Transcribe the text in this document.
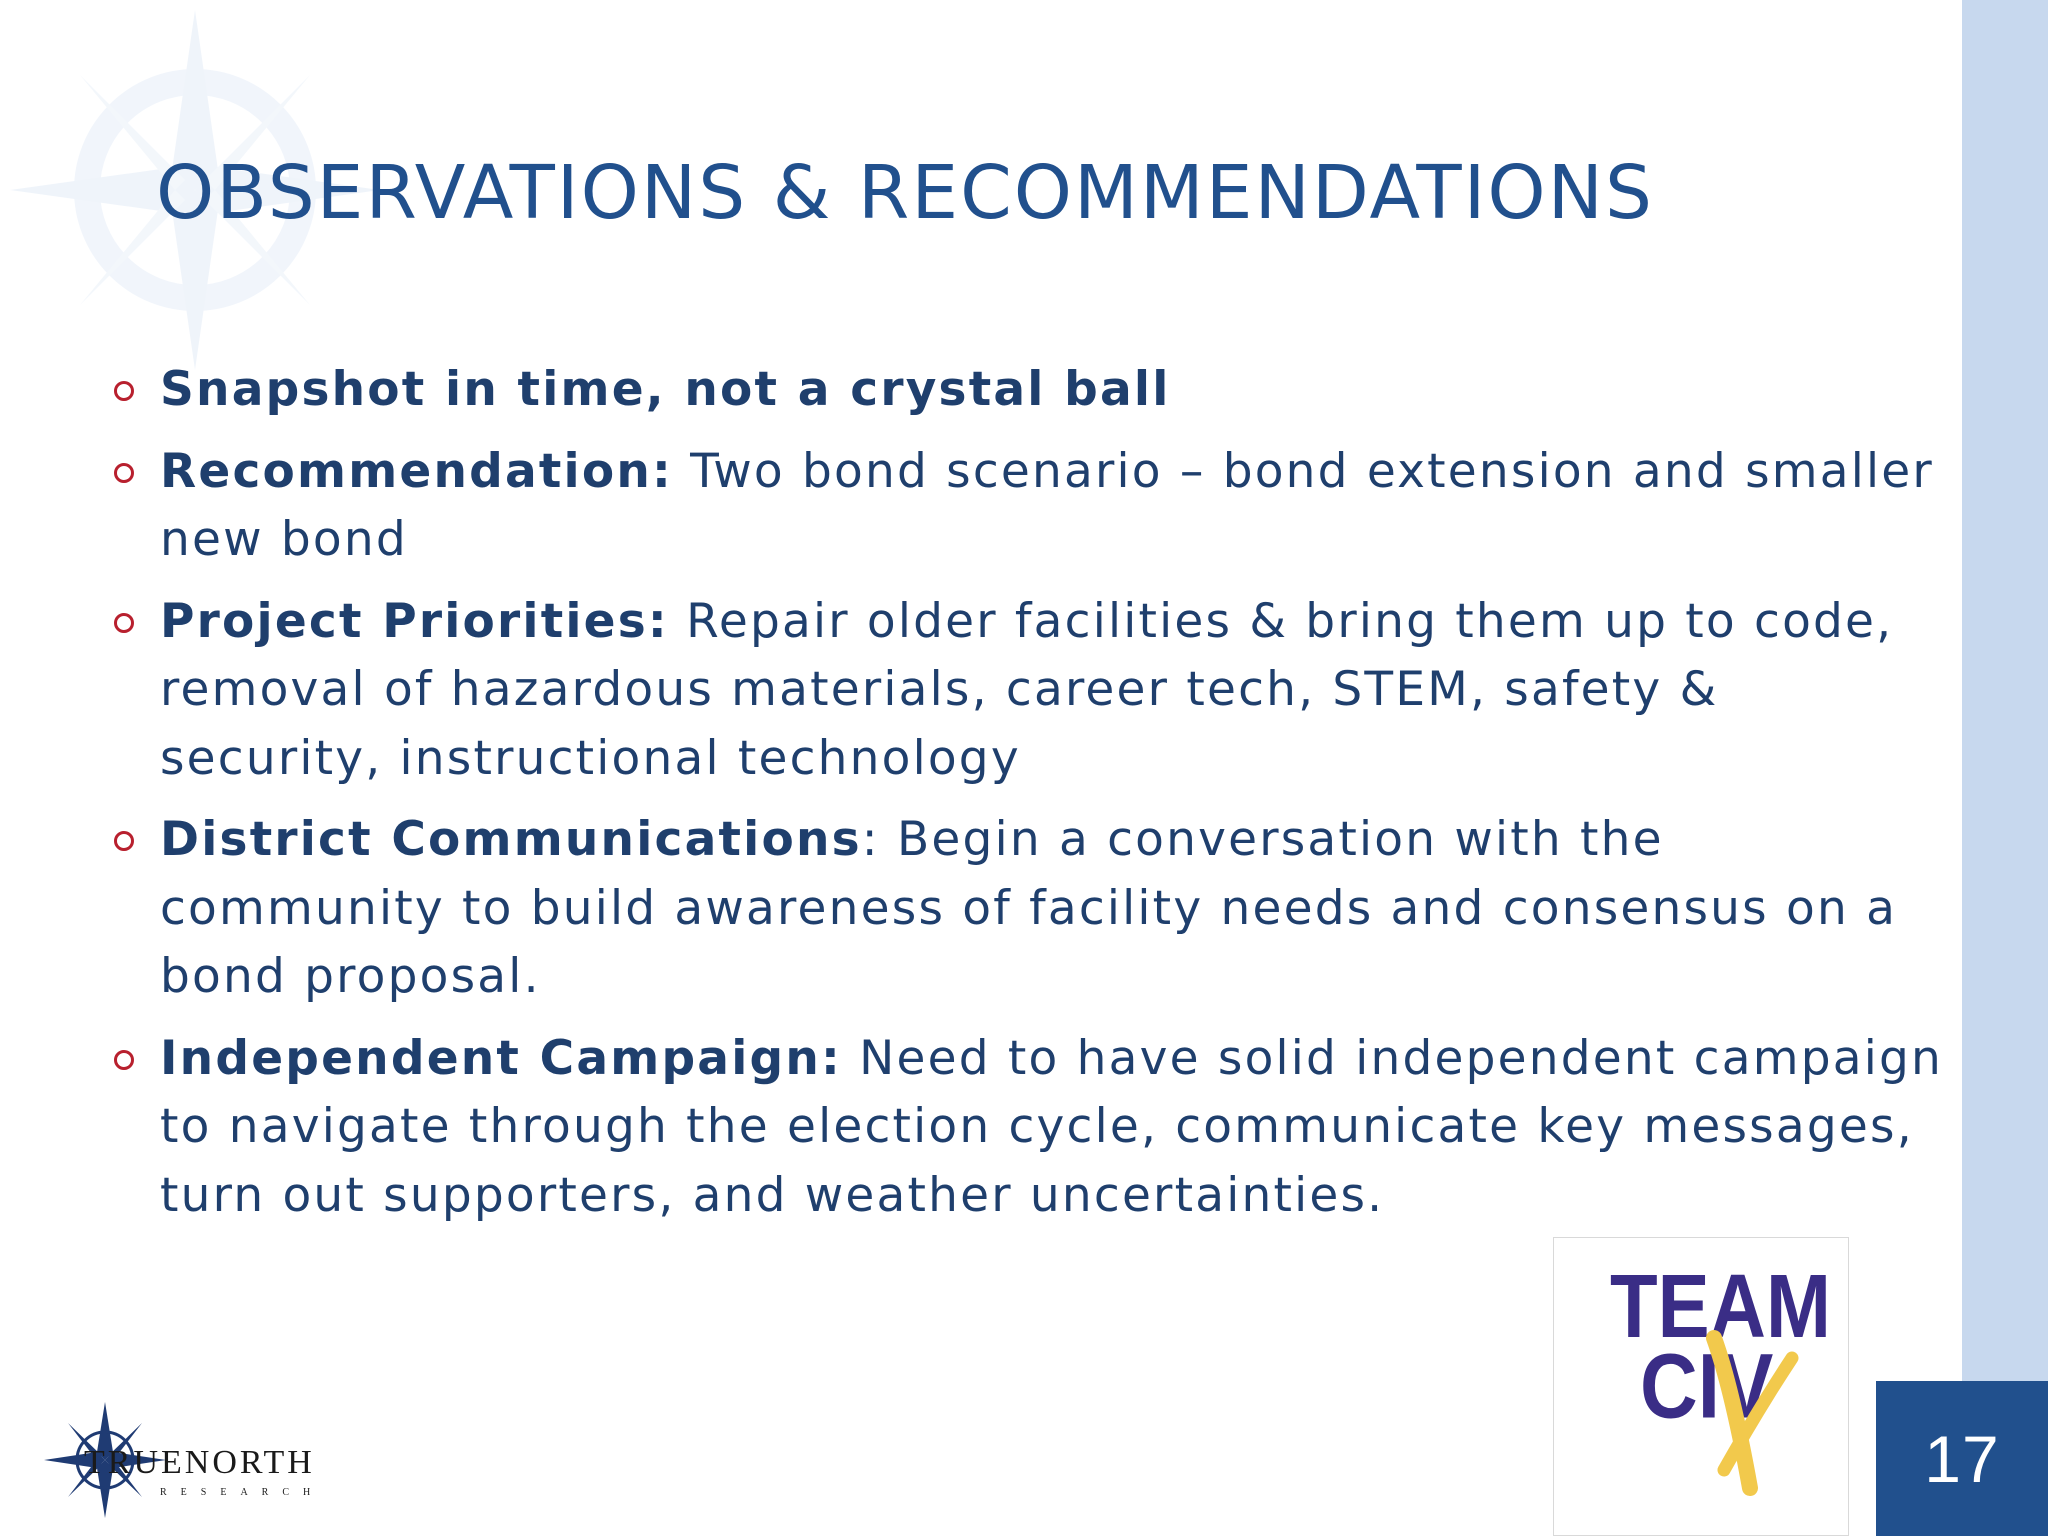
OBSERVATIONS & RECOMMENDATIONS
Snapshot in time, not a crystal ball
Recommendation: Two bond scenario – bond extension and smaller new bond
Project Priorities: Repair older facilities & bring them up to code, removal of hazardous materials, career tech, STEM, safety & security, instructional technology
District Communications: Begin a conversation with the community to build awareness of facility needs and consensus on a bond proposal.
Independent Campaign: Need to have solid independent campaign to navigate through the election cycle, communicate key messages, turn out supporters, and weather uncertainties.
TEAM
CIV
TRUENORTH
RESEARCH	17
